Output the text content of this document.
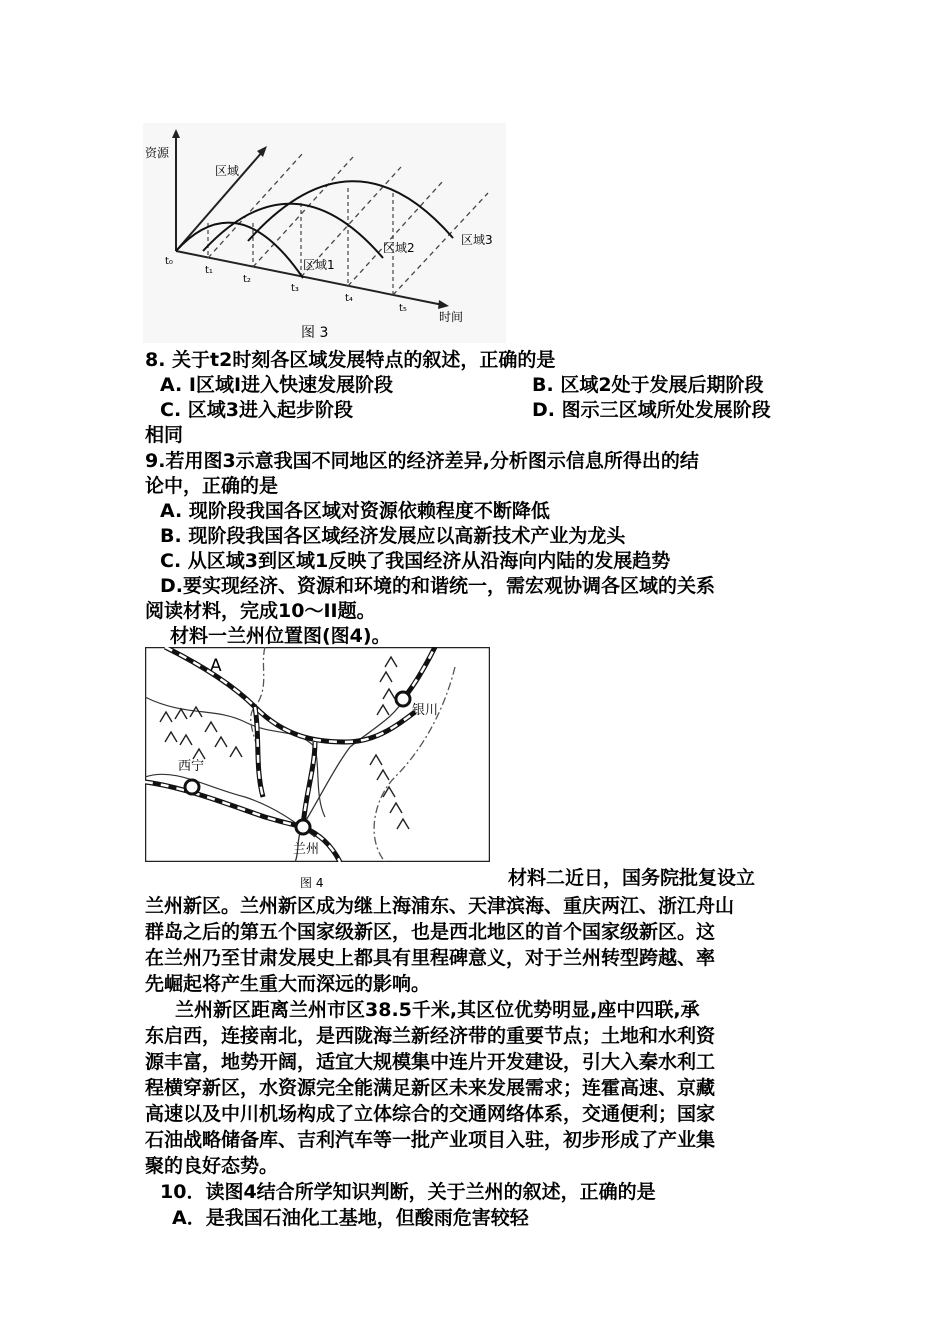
资源
区域
时间
t₀
t₁
t₂
t₃
t₄
t₅
区域1
区域2
区域3
图 3
8. 关于t2时刻各区域发展特点的叙述，正确的是
A. Ⅰ区域Ⅰ进入快速发展阶段	B. 区域2处于发展后期阶段
C. 区域3进入起步阶段	D. 图示三区域所处发展阶段
相同
9.若用图3示意我国不同地区的经济差异,分析图示信息所得出的结
论中，正确的是
A. 现阶段我国各区域对资源依赖程度不断降低
B. 现阶段我国各区域经济发展应以高新技术产业为龙头
C. 从区域3到区域1反映了我国经济从沿海向内陆的发展趋势
D.要实现经济、资源和环境的和谐统一，需宏观协调各区域的关系
阅读材料，完成10～II题。
材料一兰州位置图(图4)。
A
银川
西宁
兰州
图 4	材料二近日，国务院批复设立
兰州新区。兰州新区成为继上海浦东、天津滨海、重庆两江、浙江舟山
群岛之后的第五个国家级新区，也是西北地区的首个国家级新区。这
在兰州乃至甘肃发展史上都具有里程碑意义，对于兰州转型跨越、率
先崛起将产生重大而深远的影响。
兰州新区距离兰州市区38.5千米,其区位优势明显,座中四联,承
东启西，连接南北，是西陇海兰新经济带的重要节点；土地和水利资
源丰富，地势开阔，适宜大规模集中连片开发建设，引大入秦水利工
程横穿新区，水资源完全能满足新区未来发展需求；连霍高速、京藏
高速以及中川机场构成了立体综合的交通网络体系，交通便利；国家
石油战略储备库、吉利汽车等一批产业项目入驻，初步形成了产业集
聚的良好态势。
10．读图4结合所学知识判断，关于兰州的叙述，正确的是
A．是我国石油化工基地，但酸雨危害较轻
